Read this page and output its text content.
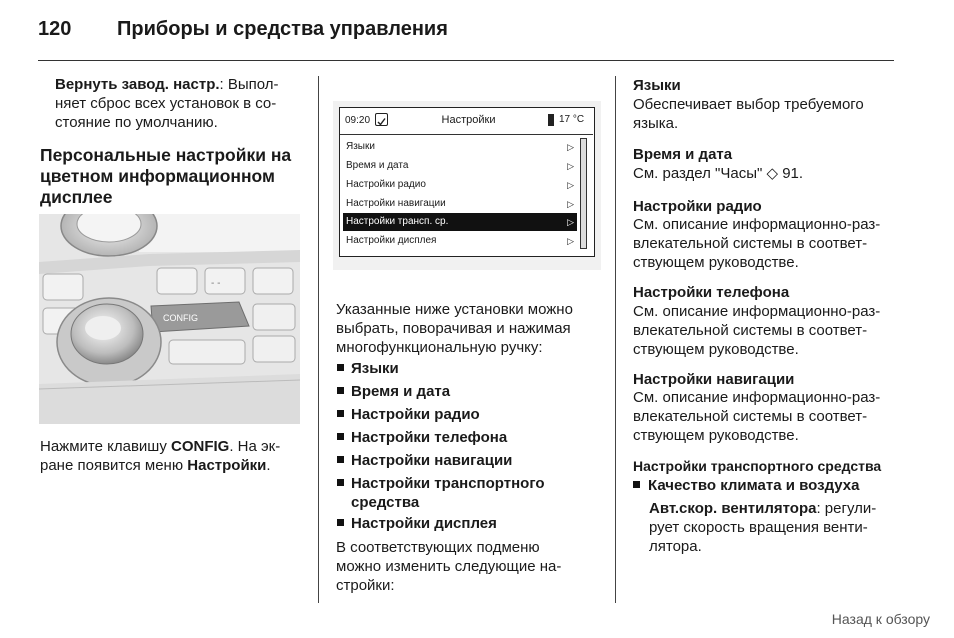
120 Приборы и средства управления
Вернуть завод. настр.: Выпол-
няет сброс всех установок в со-
стояние по умолчанию.
Персональные настройки на
цветном информационном
дисплее
- -
CONFIG
Нажмите клавишу CONFIG. На эк-
ране появится меню Настройки.
09:20	Настройки	17 °C
Языки	▷
Время и дата	▷
Настройки радио	▷
Настройки навигации	▷
Настройки трансп. ср.	▷
Настройки дисплея	▷
Указанные ниже установки можно
выбрать, поворачивая и нажимая
многофункциональную ручку:
Языки
Время и дата
Настройки радио
Настройки телефона
Настройки навигации
Настройки транспортного
средства
Настройки дисплея
В соответствующих подменю
можно изменить следующие на-
стройки:
Языки
Обеспечивает выбор требуемого
языка.
Время и дата
См. раздел "Часы" ◇ 91.
Настройки радио
См. описание информационно-раз-
влекательной системы в соответ-
ствующем руководстве.
Настройки телефона
См. описание информационно-раз-
влекательной системы в соответ-
ствующем руководстве.
Настройки навигации
См. описание информационно-раз-
влекательной системы в соответ-
ствующем руководстве.
Настройки транспортного средства
Качество климата и воздуха
Авт.скор. вентилятора: регули-
рует скорость вращения венти-
лятора.
Назад к обзору
